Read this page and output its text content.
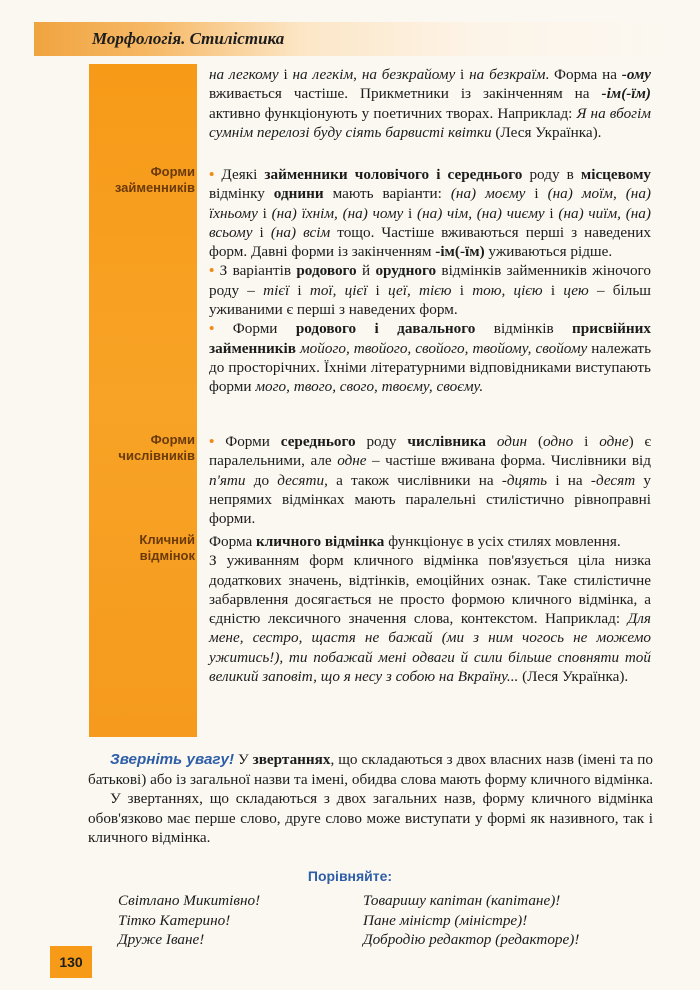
Морфологія. Стилістика
Форми займенників
Форми числівників
Кличний відмінок

на легкому і на легкім, на безкрайому і на безкраїм. Форма на -ому вживається частіше. Прикметники із закінченням на -ім(-їм) активно функціонують у поетичних творах. Наприклад: Я на вбогім сумнім перелозі буду сіять барвисті квітки (Леся Українка).

• Деякі займенники чоловічого і середнього роду в місцевому відмінку однини мають варіанти: (на) моєму і (на) моїм, (на) їхньому і (на) їхнім, (на) чому і (на) чім, (на) чиєму і (на) чиїм, (на) всьому і (на) всім тощо. Частіше вживаються перші з наведених форм. Давні форми із закінченням -ім(-їм) уживаються рідше.

• З варіантів родового й орудного відмінків займенників жіночого роду – тієї і тої, цієї і цеї, тією і тою, цією і цею – більш уживаними є перші з наведених форм.

• Форми родового і давального відмінків присвійних займенників мойого, твойого, свойого, твойому, свойому належать до просторічних. Їхніми літературними відповідниками виступають форми мого, твого, свого, твоєму, своєму.

• Форми середнього роду числівника один (одно і одне) є паралельними, але одне – частіше вживана форма. Числівники від п'яти до десяти, а також числівники на -дцять і на -десят у непрямих відмінках мають паралельні стилістично рівноправні форми.

Форма кличного відмінка функціонує в усіх стилях мовлення.

З уживанням форм кличного відмінка пов'язується ціла низка додаткових значень, відтінків, емоційних ознак. Таке стилістичне забарвлення досягається не просто формою кличного відмінка, а єдністю лексичного значення слова, контекстом. Наприклад: Для мене, сестро, щастя не бажай (ми з ним чогось не можемо ужитись!), ти побажай мені одваги й сили більше сповняти той великий заповіт, що я несу з собою на Вкраїну... (Леся Українка).

Зверніть увагу! У звертаннях, що складаються з двох власних назв (імені та по батькові) або із загальної назви та імені, обидва слова мають форму кличного відмінка.

У звертаннях, що складаються з двох загальних назв, форму кличного відмінка обов'язково має перше слово, друге слово може виступати у формі як називного, так і кличного відмінка.

Порівняйте:
Світлано Микитівно!
Тітко Катерино!
Друже Іване!
Товаришу капітан (капітане)!
Пане міністр (міністре)!
Добродію редактор (редакторе)!
130
